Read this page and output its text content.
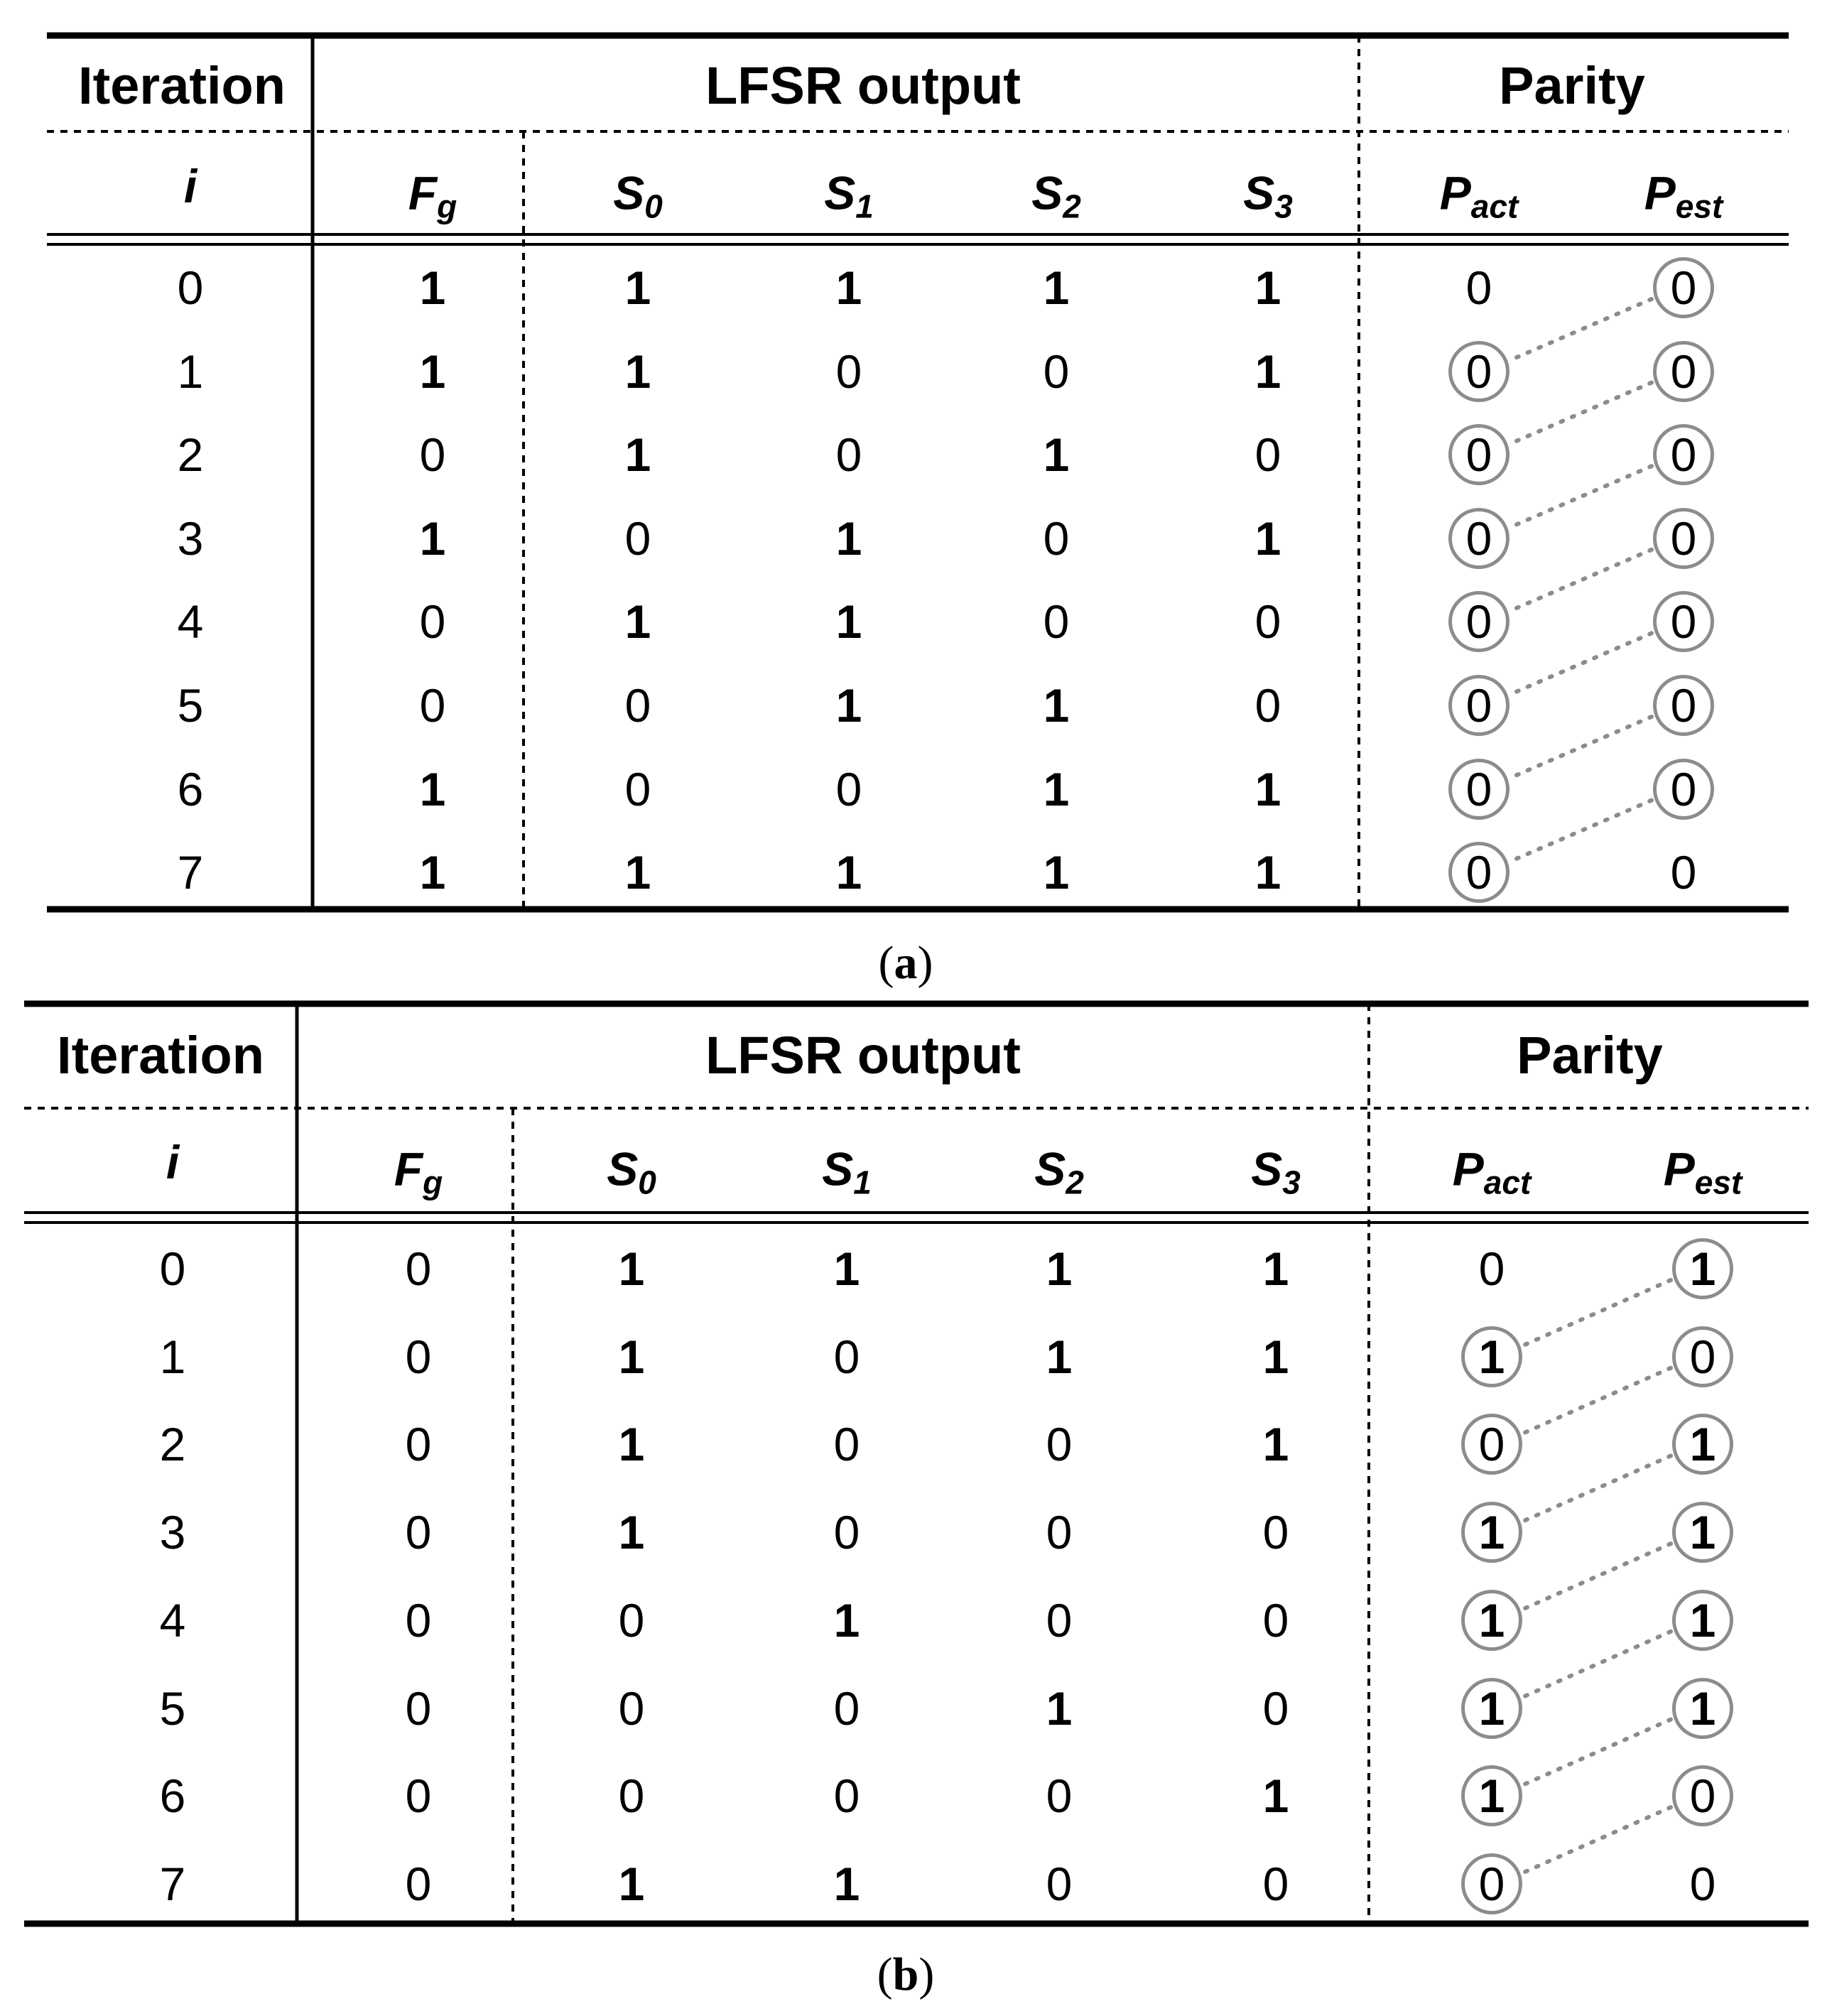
Iteration	LFSR output	Parity
i	$F_g$	$S_0$	$S_1$	$S_2$	$S_3$	$P_{act}$	$P_{est}$
0	1	1	1	1	1	0	0
1	1	1	0	0	1	0	0
2	0	1	0	1	0	0	0
3	1	0	1	0	1	0	0
4	0	1	1	0	0	0	0
5	0	0	1	1	0	0	0
6	1	0	0	1	1	0	0
7	1	1	1	1	1	0	0
(a)
Iteration	LFSR output	Parity
i	$F_g$	$S_0$	$S_1$	$S_2$	$S_3$	$P_{act}$	$P_{est}$
0	0	1	1	1	1	0	1
1	0	1	0	1	1	1	0
2	0	1	0	0	1	0	1
3	0	1	0	0	0	1	1
4	0	0	1	0	0	1	1
5	0	0	0	1	0	1	1
6	0	0	0	0	1	1	0
7	0	1	1	0	0	0	0
(b)
